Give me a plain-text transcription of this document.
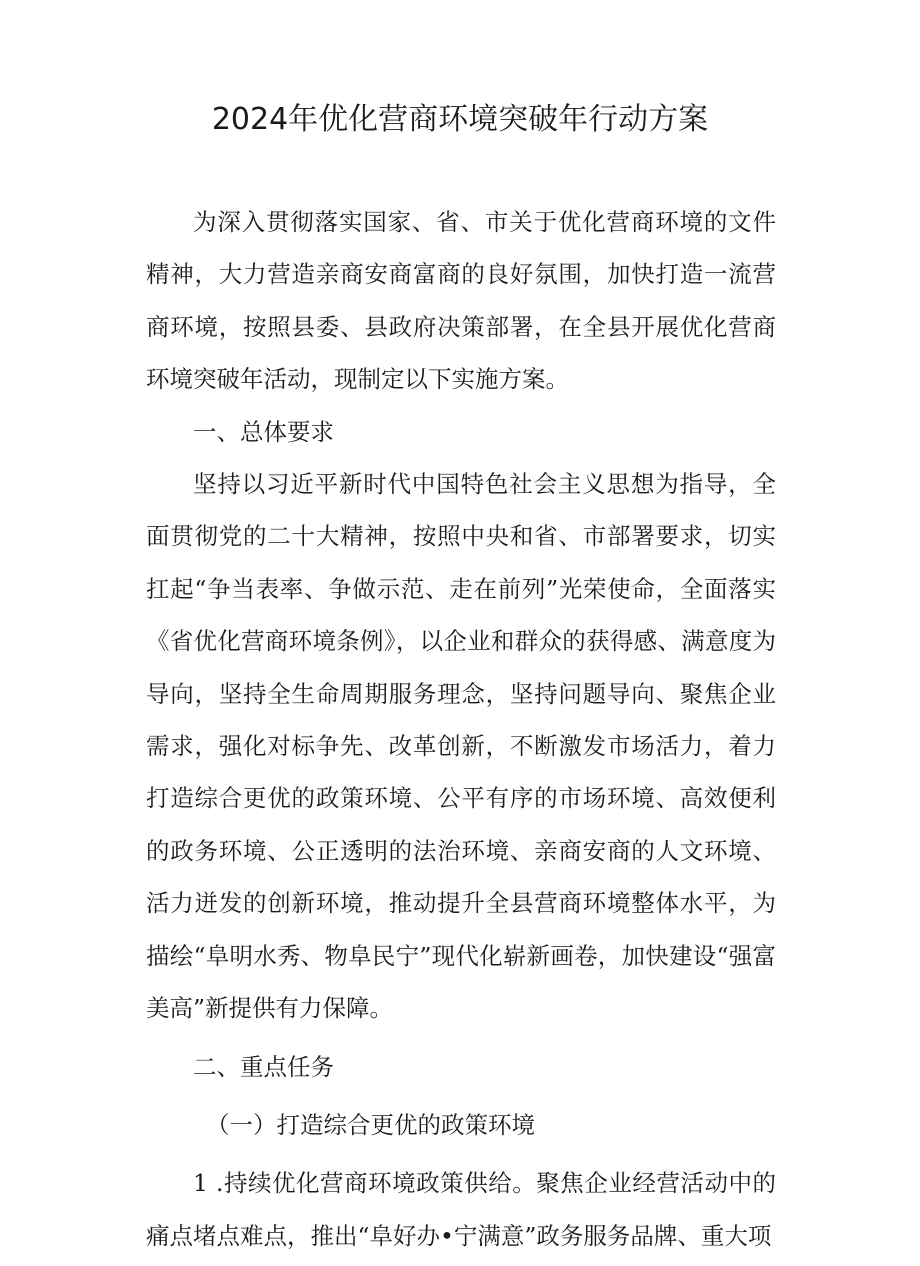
2024年优化营商环境突破年行动方案

为深入贯彻落实国家、省、市关于优化营商环境的文件精神，大力营造亲商安商富商的良好氛围，加快打造一流营商环境，按照县委、县政府决策部署，在全县开展优化营商环境突破年活动，现制定以下实施方案。

一、总体要求

坚持以习近平新时代中国特色社会主义思想为指导，全面贯彻党的二十大精神，按照中央和省、市部署要求，切实扛起“争当表率、争做示范、走在前列”光荣使命，全面落实《省优化营商环境条例》，以企业和群众的获得感、满意度为导向，坚持全生命周期服务理念，坚持问题导向、聚焦企业需求，强化对标争先、改革创新，不断激发市场活力，着力打造综合更优的政策环境、公平有序的市场环境、高效便利的政务环境、公正透明的法治环境、亲商安商的人文环境、活力迸发的创新环境，推动提升全县营商环境整体水平，为描绘“阜明水秀、物阜民宁”现代化崭新画卷，加快建设“强富美高”新提供有力保障。

二、重点任务

（一）打造综合更优的政策环境

1 .持续优化营商环境政策供给。聚焦企业经营活动中的痛点堵点难点，推出“阜好办•宁满意”政务服务品牌、重大项
